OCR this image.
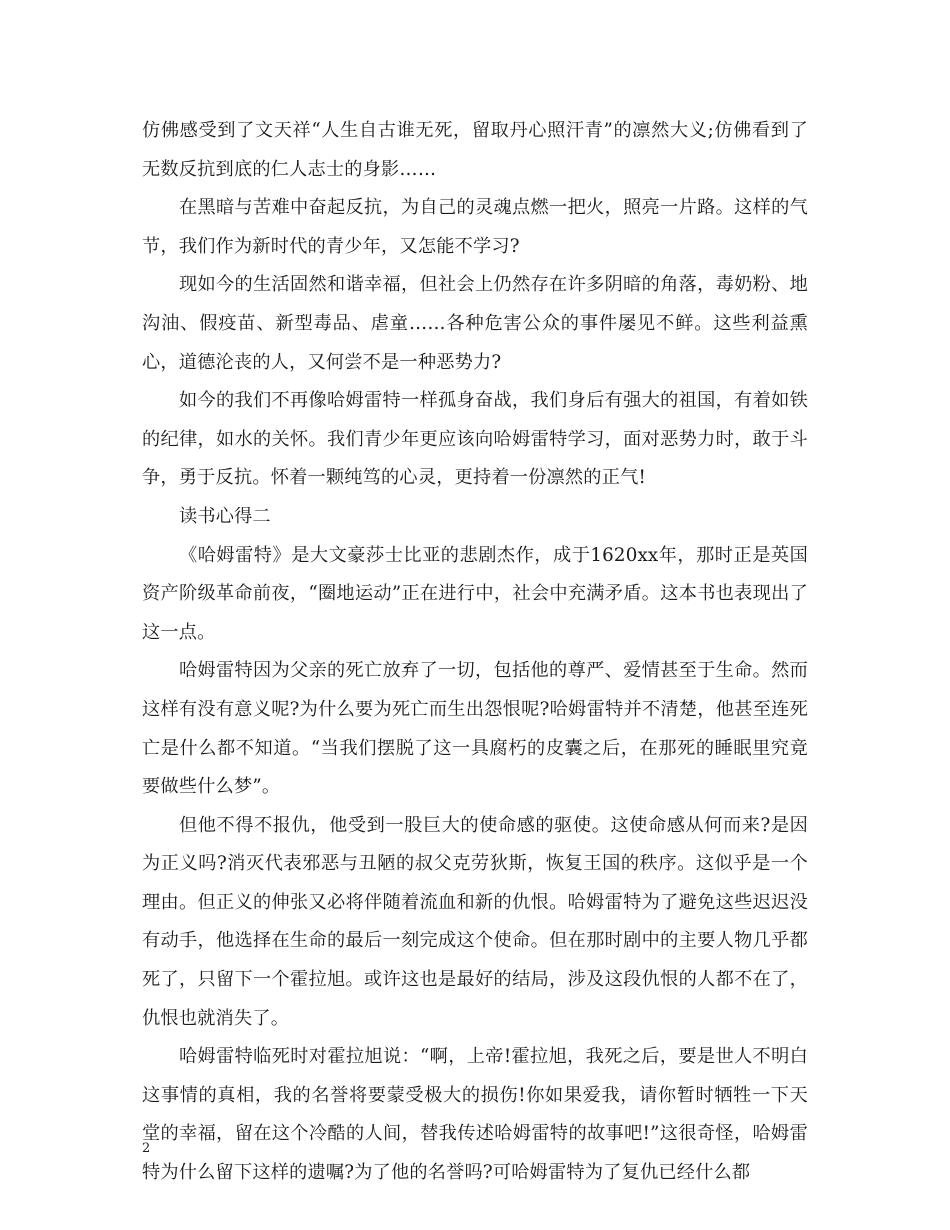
仿佛感受到了文天祥“人生自古谁无死，留取丹心照汗青”的凛然大义;仿佛看到了无数反抗到底的仁人志士的身影……

在黑暗与苦难中奋起反抗，为自己的灵魂点燃一把火，照亮一片路。这样的气节，我们作为新时代的青少年，又怎能不学习?

现如今的生活固然和谐幸福，但社会上仍然存在许多阴暗的角落，毒奶粉、地沟油、假疫苗、新型毒品、虐童……各种危害公众的事件屡见不鲜。这些利益熏心，道德沦丧的人，又何尝不是一种恶势力?

如今的我们不再像哈姆雷特一样孤身奋战，我们身后有强大的祖国，有着如铁的纪律，如水的关怀。我们青少年更应该向哈姆雷特学习，面对恶势力时，敢于斗争，勇于反抗。怀着一颗纯笃的心灵，更持着一份凛然的正气!

读书心得二

《哈姆雷特》是大文豪莎士比亚的悲剧杰作，成于1620xx年，那时正是英国资产阶级革命前夜，“圈地运动”正在进行中，社会中充满矛盾。这本书也表现出了这一点。

哈姆雷特因为父亲的死亡放弃了一切，包括他的尊严、爱情甚至于生命。然而这样有没有意义呢?为什么要为死亡而生出怨恨呢?哈姆雷特并不清楚，他甚至连死亡是什么都不知道。“当我们摆脱了这一具腐朽的皮囊之后，在那死的睡眠里究竟要做些什么梦”。

但他不得不报仇，他受到一股巨大的使命感的驱使。这使命感从何而来?是因为正义吗?消灭代表邪恶与丑陋的叔父克劳狄斯，恢复王国的秩序。这似乎是一个理由。但正义的伸张又必将伴随着流血和新的仇恨。哈姆雷特为了避免这些迟迟没有动手，他选择在生命的最后一刻完成这个使命。但在那时剧中的主要人物几乎都死了，只留下一个霍拉旭。或许这也是最好的结局，涉及这段仇恨的人都不在了，仇恨也就消失了。

哈姆雷特临死时对霍拉旭说：“啊，上帝!霍拉旭，我死之后，要是世人不明白这事情的真相，我的名誉将要蒙受极大的损伤!你如果爱我，请你暂时牺牲一下天堂的幸福，留在这个冷酷的人间，替我传述哈姆雷特的故事吧!”这很奇怪，哈姆雷特为什么留下这样的遗嘱?为了他的名誉吗?可哈姆雷特为了复仇已经什么都

2
